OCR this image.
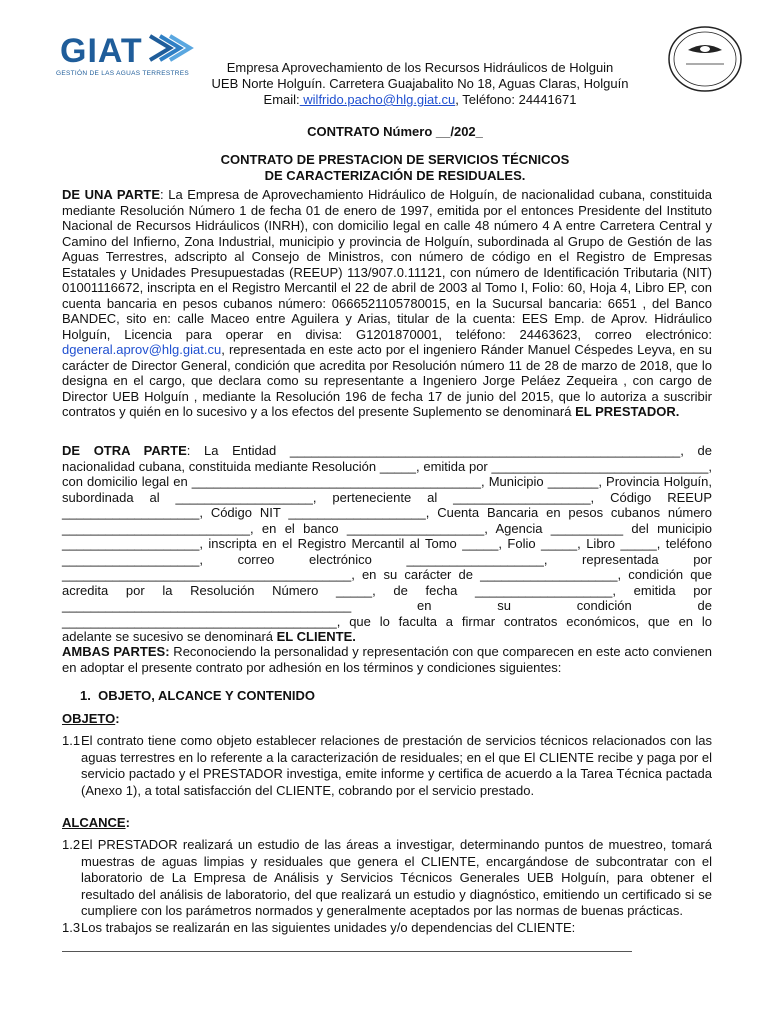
GIAT
GESTIÓN DE LAS AGUAS TERRESTRES	Empresa Aprovechamiento de los Recursos Hidráulicos de Holguin
UEB Norte Holguín. Carretera Guajabalito No 18, Aguas Claras, Holguín
Email: wilfrido.pacho@hlg.giat.cu, Teléfono: 24441671
CONTRATO Número __/202_
CONTRATO DE PRESTACION DE SERVICIOS TÉCNICOS
DE CARACTERIZACIÓN DE RESIDUALES.
DE UNA PARTE: La Empresa de Aprovechamiento Hidráulico de Holguín, de nacionalidad cubana, constituida mediante Resolución Número 1 de fecha 01 de enero de 1997, emitida por el entonces Presidente del Instituto Nacional de Recursos Hidráulicos (INRH), con domicilio legal en calle 48 número 4 A entre Carretera Central y Camino del Infierno, Zona Industrial, municipio y provincia de Holguín, subordinada al Grupo de Gestión de las Aguas Terrestres, adscripto al Consejo de Ministros, con número de código en el Registro de Empresas Estatales y Unidades Presupuestadas (REEUP) 113/907.0.11121, con número de Identificación Tributaria (NIT) 01001116672, inscripta en el Registro Mercantil el 22 de abril de 2003 al Tomo I, Folio: 60, Hoja 4, Libro EP, con cuenta bancaria en pesos cubanos número: 0666521105780015, en la Sucursal bancaria: 6651 , del Banco BANDEC, sito en: calle Maceo entre Aguilera y Arias, titular de la cuenta: EES Emp. de Aprov. Hidráulico Holguín, Licencia para operar en divisa: G1201870001, teléfono: 24463623, correo electrónico: dgeneral.aprov@hlg.giat.cu, representada en este acto por el ingeniero Ránder Manuel Céspedes Leyva, en su carácter de Director General, condición que acredita por Resolución número 11 de 28 de marzo de 2018, que lo designa en el cargo, que declara como su representante a Ingeniero Jorge Peláez Zequeira , con cargo de Director UEB Holguín , mediante la Resolución 196 de fecha 17 de junio del 2015, que lo autoriza a suscribir contratos y quién en lo sucesivo y a los efectos del presente Suplemento se denominará EL PRESTADOR.
DE OTRA PARTE: La Entidad ______________________________________________________, de nacionalidad cubana, constituida mediante Resolución _____, emitida por ______________________________, con domicilio legal en ________________________________________, Municipio _______, Provincia Holguín, subordinada al ___________________, perteneciente al ___________________, Código REEUP ___________________, Código NIT ___________________, Cuenta Bancaria en pesos cubanos número __________________________, en el banco ___________________, Agencia __________ del municipio ___________________, inscripta en el Registro Mercantil al Tomo _____, Folio _____, Libro _____, teléfono ___________________, correo electrónico ___________________, representada por ________________________________________, en su carácter de ___________________, condición que acredita por la Resolución Número _____, de fecha ___________________, emitida por ________________________________________ en su condición de ______________________________________, que lo faculta a firmar contratos económicos, que en lo adelante se sucesivo se denominará EL CLIENTE.
AMBAS PARTES: Reconociendo la personalidad y representación con que comparecen en este acto convienen en adoptar el presente contrato por adhesión en los términos y condiciones siguientes:
1. OBJETO, ALCANCE Y CONTENIDO
OBJETO:
1.1 El contrato tiene como objeto establecer relaciones de prestación de servicios técnicos relacionados con las aguas terrestres en lo referente a la caracterización de residuales; en el que El CLIENTE recibe y paga por el servicio pactado y el PRESTADOR investiga, emite informe y certifica de acuerdo a la Tarea Técnica pactada (Anexo 1), a total satisfacción del CLIENTE, cobrando por el servicio prestado.
ALCANCE:
1.2 El PRESTADOR realizará un estudio de las áreas a investigar, determinando puntos de muestreo, tomará muestras de aguas limpias y residuales que genera el CLIENTE, encargándose de subcontratar con el laboratorio de La Empresa de Análisis y Servicios Técnicos Generales UEB Holguín, para obtener el resultado del análisis de laboratorio, del que realizará un estudio y diagnóstico, emitiendo un certificado si se cumpliere con los parámetros normados y generalmente aceptados por las normas de buenas prácticas.
1.3 Los trabajos se realizarán en las siguientes unidades y/o dependencias del CLIENTE:
